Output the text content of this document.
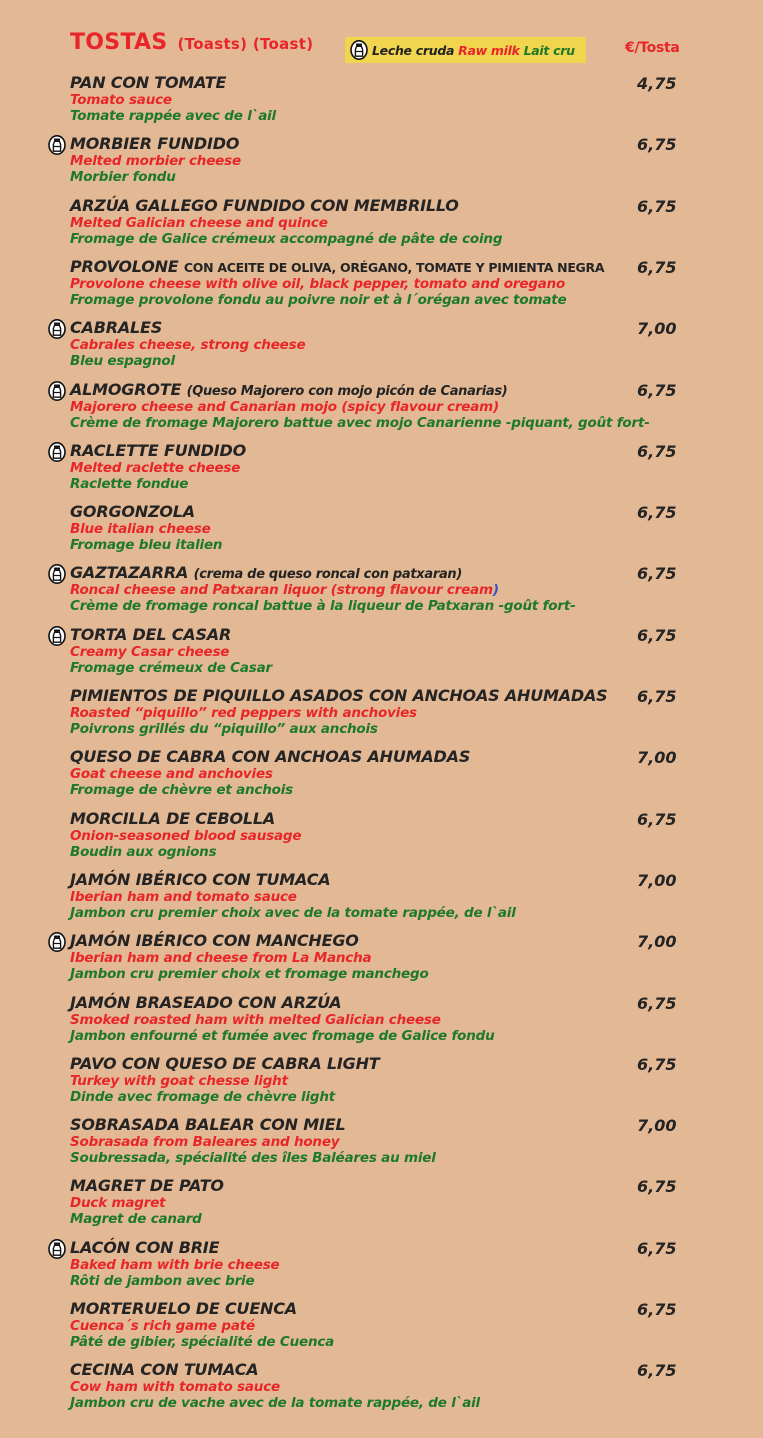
TOSTAS (Toasts) (Toast)	Leche cruda Raw milk Lait cru	€/Tosta
PAN CON TOMATE
Tomato sauce
Tomate rappée avec de l`ail
4,75
MORBIER FUNDIDO
Melted morbier cheese
Morbier fondu
6,75
ARZÚA GALLEGO FUNDIDO CON MEMBRILLO
Melted Galician cheese and quince
Fromage de Galice crémeux accompagné de pâte de coing
6,75
PROVOLONE CON ACEITE DE OLIVA, ORÉGANO, TOMATE Y PIMIENTA NEGRA
Provolone cheese with olive oil, black pepper, tomato and oregano
Fromage provolone fondu au poivre noir et à l´orégan avec tomate
6,75
CABRALES
Cabrales cheese, strong cheese
Bleu espagnol
7,00
ALMOGROTE (Queso Majorero con mojo picón de Canarias)
Majorero cheese and Canarian mojo (spicy flavour cream)
Crème de fromage Majorero battue avec mojo Canarienne -piquant, goût fort-
6,75
RACLETTE FUNDIDO
Melted raclette cheese
Raclette fondue
6,75
GORGONZOLA
Blue italian cheese
Fromage bleu italien
6,75
GAZTAZARRA (crema de queso roncal con patxaran)
Roncal cheese and Patxaran liquor (strong flavour cream)
Crème de fromage roncal battue à la liqueur de Patxaran -goût fort-
6,75
TORTA DEL CASAR
Creamy Casar cheese
Fromage crémeux de Casar
6,75
PIMIENTOS DE PIQUILLO ASADOS CON ANCHOAS AHUMADAS
Roasted “piquillo” red peppers with anchovies
Poivrons grillés du “piquillo” aux anchois
6,75
QUESO DE CABRA CON ANCHOAS AHUMADAS
Goat cheese and anchovies
Fromage de chèvre et anchois
7,00
MORCILLA DE CEBOLLA
Onion-seasoned blood sausage
Boudin aux ognions
6,75
JAMÓN IBÉRICO CON TUMACA
Iberian ham and tomato sauce
Jambon cru premier choix avec de la tomate rappée, de l`ail
7,00
JAMÓN IBÉRICO CON MANCHEGO
Iberian ham and cheese from La Mancha
Jambon cru premier choix et fromage manchego
7,00
JAMÓN BRASEADO CON ARZÚA
Smoked roasted ham with melted Galician cheese
Jambon enfourné et fumée avec fromage de Galice fondu
6,75
PAVO CON QUESO DE CABRA LIGHT
Turkey with goat chesse light
Dinde avec fromage de chèvre light
6,75
SOBRASADA BALEAR CON MIEL
Sobrasada from Baleares and honey
Soubressada, spécialité des îles Baléares au miel
7,00
MAGRET DE PATO
Duck magret
Magret de canard
6,75
LACÓN CON BRIE
Baked ham with brie cheese
Rôti de jambon avec brie
6,75
MORTERUELO DE CUENCA
Cuenca´s rich game paté
Pâté de gibier, spécialité de Cuenca
6,75
CECINA CON TUMACA
Cow ham with tomato sauce
Jambon cru de vache avec de la tomate rappée, de l`ail
6,75
